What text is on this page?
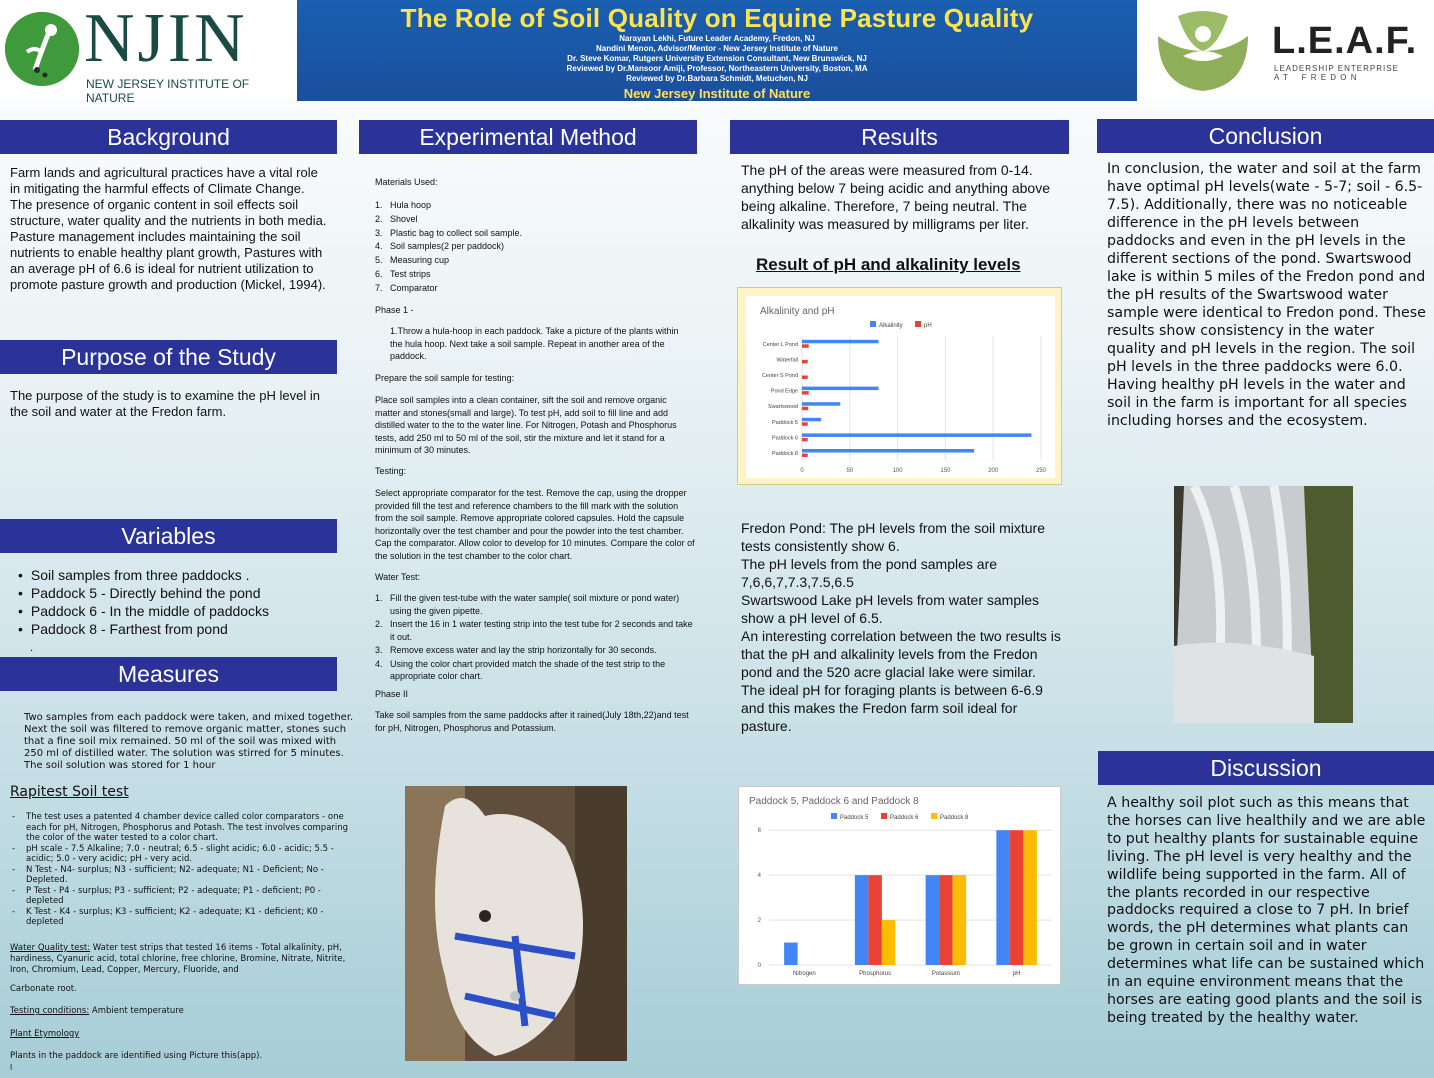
NJIN
NEW JERSEY INSTITUTE OF NATURE
The Role of Soil Quality on Equine Pasture Quality
Narayan Lekhi, Future Leader Academy, Fredon, NJ
Nandini Menon, Advisor/Mentor - New Jersey Institute of Nature
Dr. Steve Komar, Rutgers University Extension Consultant, New Brunswick, NJ
Reviewed by Dr.Mansoor Amiji, Professor, Northeastern University, Boston, MA
Reviewed by Dr.Barbara Schmidt, Metuchen, NJ
New Jersey Institute of Nature
L.E.A.F.
LEADERSHIP ENTERPRISE
A T    F R E D O N
Background
Farm lands and agricultural practices have a vital role in mitigating the harmful effects of Climate Change. The presence of organic content in soil effects soil structure, water quality and the nutrients in both media. Pasture management includes maintaining the soil nutrients to enable healthy plant growth, Pastures with an average pH of 6.6 is ideal for nutrient utilization to promote pasture growth and production (Mickel, 1994).
Purpose of the Study
The purpose of the study is to examine the pH level in the soil and water at the Fredon farm.
Variables
• Soil samples from three paddocks .
• Paddock 5 - Directly behind the pond
• Paddock 6 - In the middle of paddocks
• Paddock 8 - Farthest from pond
.
Measures
Two samples from each paddock were taken, and mixed together. Next the soil was filtered to remove organic matter, stones such that a fine soil mix remained. 50 ml of the soil was mixed with 250 ml of distilled water. The solution was stirred for 5 minutes. The soil solution was stored for 1 hour
Rapitest Soil test
-	The test uses a patented 4 chamber device called color comparators - one each for pH, Nitrogen, Phosphorus and Potash. The test involves comparing the color of the water tested to a color chart.
-	pH scale - 7.5 Alkaline; 7.0 - neutral; 6.5 - slight acidic; 6.0 - acidic; 5.5 - acidic; 5.0 - very acidic; pH - very acid.
-	N Test - N4- surplus; N3 - sufficient; N2- adequate; N1 - Deficient; No - Depleted.
-	P Test - P4 - surplus; P3 - sufficient; P2 - adequate; P1 - deficient; P0 - depleted
-	K Test - K4 - surplus; K3 - sufficient; K2 - adequate; K1 - deficient; K0 -depleted
Water Quality test: Water test strips that tested 16 items - Total alkalinity, pH, hardiness, Cyanuric acid, total chlorine, free chlorine, Bromine, Nitrate, Nitrite, Iron, Chromium, Lead, Copper, Mercury, Fluoride, and
Carbonate root.
Testing conditions: Ambient temperature
Plant Etymology
Plants in the paddock are identified using Picture this(app).
I
Experimental Method
Materials Used:
1. Hula hoop
2. Shovel
3. Plastic bag to collect soil sample.
4. Soil samples(2 per paddock)
5. Measuring cup
6. Test strips
7. Comparator
Phase 1 -
1.Throw a hula-hoop in each paddock. Take a picture of the plants within the hula hoop. Next take a soil sample. Repeat in another area of the paddock.
Prepare the soil sample for testing:
Place soil samples into a clean container, sift the soil and remove organic matter and stones(small and large). To test pH, add soil to fill line and add distilled water to the to the water line. For Nitrogen, Potash and Phosphorus tests, add 250 ml to 50 ml of the soil, stir the mixture and let it stand for a minimum of 30 minutes.
Testing:
Select appropriate comparator for the test. Remove the cap, using the dropper provided fill the test and reference chambers to the fill mark with the solution from the soil sample. Remove appropriate colored capsules. Hold the capsule horizontally over the test chamber and pour the powder into the test chamber. Cap the comparator. Allow color to develop for 10 minutes. Compare the color of the solution in the test chamber to the color chart.
Water Test:
1. Fill the given test-tube with the water sample( soil mixture or pond water) using the given pipette.
2. Insert the 16 in 1 water testing strip into the test tube for 2 seconds and take it out.
3. Remove excess water and lay the strip horizontally for 30 seconds.
4. Using the color chart provided match the shade of the test strip to the appropriate color chart.
Phase II
Take soil samples from the same paddocks after it rained(July 18th,22)and test for pH, Nitrogen, Phosphorus and Potassium.
Results
The pH of the areas were measured from 0-14. anything below 7 being acidic and anything above being alkaline. Therefore, 7 being neutral. The alkalinity was measured by milligrams per liter.
Result of pH and alkalinity levels
Alkalinity and pH
Alkalinity	pH
0	50	100	150	200	250
Center L Pond
Waterfall
Center S Pond
Pond Edge
Swartswood
Paddock 5
Paddock 6
Paddock 8
Fredon Pond: The pH levels from the soil mixture tests consistently show 6.
The pH levels from the pond samples are 7,6,6,7,7.3,7.5,6.5
Swartswood Lake pH levels from water samples show a pH level of 6.5.
An interesting correlation between the two results is that the pH and alkalinity levels from the Fredon pond and the 520 acre glacial lake were similar.
The ideal pH for foraging plants is between 6-6.9 and this makes the Fredon farm soil ideal for pasture.
Paddock 5, Paddock 6 and Paddock 8
Paddock 5	Paddock 6	Paddock 8
0
2
4
6
Nitrogen	Phosphorus	Potassium	pH
Conclusion
In conclusion, the water and soil at the farm have optimal pH levels(wate - 5-7; soil - 6.5-7.5). Additionally, there was no noticeable difference in the pH levels between paddocks and even in the pH levels in the different sections of the pond. Swartswood lake is within 5 miles of the Fredon pond and the pH results of the Swartswood water sample were identical to Fredon pond. These results show consistency in the water quality and pH levels in the region. The soil pH levels in the three paddocks were 6.0. Having healthy pH levels in the water and soil in the farm is important for all species including horses and the ecosystem.
Discussion
A healthy soil plot such as this means that the horses can live healthily and we are able to put healthy plants for sustainable equine living. The pH level is very healthy and the wildlife being supported in the farm. All of the plants recorded in our respective paddocks required a close to 7 pH. In brief words, the pH determines what plants can be grown in certain soil and in water determines what life can be sustained which in an equine environment means that the horses are eating good plants and the soil is being treated by the healthy water.
